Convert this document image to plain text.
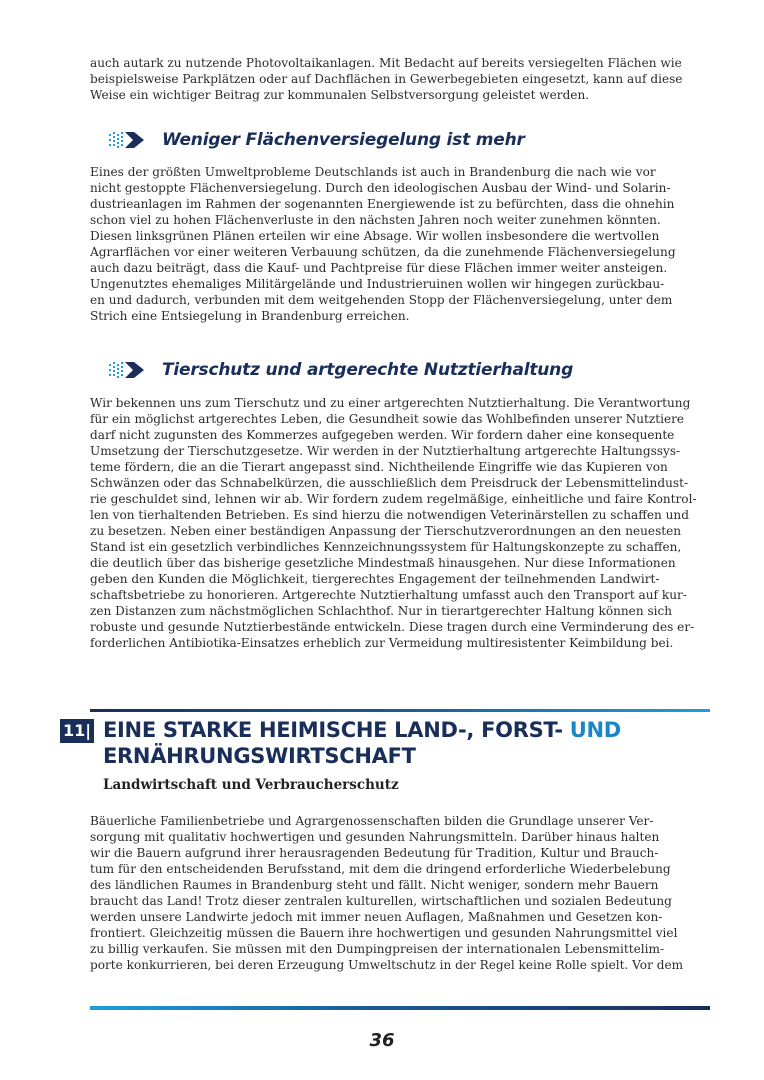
auch autark zu nutzende Photovoltaikanlagen. Mit Bedacht auf bereits versiegelten Flächen wie
beispielsweise Parkplätzen oder auf Dachflächen in Gewerbegebieten eingesetzt, kann auf diese
Weise ein wichtiger Beitrag zur kommunalen Selbstversorgung geleistet werden.

Weniger Flächenversiegelung ist mehr

Eines der größten Umweltprobleme Deutschlands ist auch in Brandenburg die nach wie vor
nicht gestoppte Flächenversiegelung. Durch den ideologischen Ausbau der Wind- und Solarin-
dustrieanlagen im Rahmen der sogenannten Energiewende ist zu befürchten, dass die ohnehin
schon viel zu hohen Flächenverluste in den nächsten Jahren noch weiter zunehmen könnten.
Diesen linksgrünen Plänen erteilen wir eine Absage. Wir wollen insbesondere die wertvollen
Agrarflächen vor einer weiteren Verbauung schützen, da die zunehmende Flächenversiegelung
auch dazu beiträgt, dass die Kauf- und Pachtpreise für diese Flächen immer weiter ansteigen.
Ungenutztes ehemaliges Militärgelände und Industrieruinen wollen wir hingegen zurückbau-
en und dadurch, verbunden mit dem weitgehenden Stopp der Flächenversiegelung, unter dem
Strich eine Entsiegelung in Brandenburg erreichen.

Tierschutz und artgerechte Nutztierhaltung

Wir bekennen uns zum Tierschutz und zu einer artgerechten Nutztierhaltung. Die Verantwortung
für ein möglichst artgerechtes Leben, die Gesundheit sowie das Wohlbefinden unserer Nutztiere
darf nicht zugunsten des Kommerzes aufgegeben werden. Wir fordern daher eine konsequente
Umsetzung der Tierschutzgesetze. Wir werden in der Nutztierhaltung artgerechte Haltungssys-
teme fördern, die an die Tierart angepasst sind. Nichtheilende Eingriffe wie das Kupieren von
Schwänzen oder das Schnabelkürzen, die ausschließlich dem Preisdruck der Lebensmittelindust-
rie geschuldet sind, lehnen wir ab. Wir fordern zudem regelmäßige, einheitliche und faire Kontrol-
len von tierhaltenden Betrieben. Es sind hierzu die notwendigen Veterinärstellen zu schaffen und
zu besetzen. Neben einer beständigen Anpassung der Tierschutzverordnungen an den neuesten
Stand ist ein gesetzlich verbindliches Kennzeichnungssystem für Haltungskonzepte zu schaffen,
die deutlich über das bisherige gesetzliche Mindestmaß hinausgehen. Nur diese Informationen
geben den Kunden die Möglichkeit, tiergerechtes Engagement der teilnehmenden Landwirt-
schaftsbetriebe zu honorieren. Artgerechte Nutztierhaltung umfasst auch den Transport auf kur-
zen Distanzen zum nächstmöglichen Schlachthof. Nur in tierartgerechter Haltung können sich
robuste und gesunde Nutztierbestände entwickeln. Diese tragen durch eine Verminderung des er-
forderlichen Antibiotika-Einsatzes erheblich zur Vermeidung multiresistenter Keimbildung bei.

11| EINE STARKE HEIMISCHE LAND-, FORST- UND
ERNÄHRUNGSWIRTSCHAFT
Landwirtschaft und Verbraucherschutz

Bäuerliche Familienbetriebe und Agrargenossenschaften bilden die Grundlage unserer Ver-
sorgung mit qualitativ hochwertigen und gesunden Nahrungsmitteln. Darüber hinaus halten
wir die Bauern aufgrund ihrer herausragenden Bedeutung für Tradition, Kultur und Brauch-
tum für den entscheidenden Berufsstand, mit dem die dringend erforderliche Wiederbelebung
des ländlichen Raumes in Brandenburg steht und fällt. Nicht weniger, sondern mehr Bauern
braucht das Land! Trotz dieser zentralen kulturellen, wirtschaftlichen und sozialen Bedeutung
werden unsere Landwirte jedoch mit immer neuen Auflagen, Maßnahmen und Gesetzen kon-
frontiert. Gleichzeitig müssen die Bauern ihre hochwertigen und gesunden Nahrungsmittel viel
zu billig verkaufen. Sie müssen mit den Dumpingpreisen der internationalen Lebensmittelim-
porte konkurrieren, bei deren Erzeugung Umweltschutz in der Regel keine Rolle spielt. Vor dem

36
